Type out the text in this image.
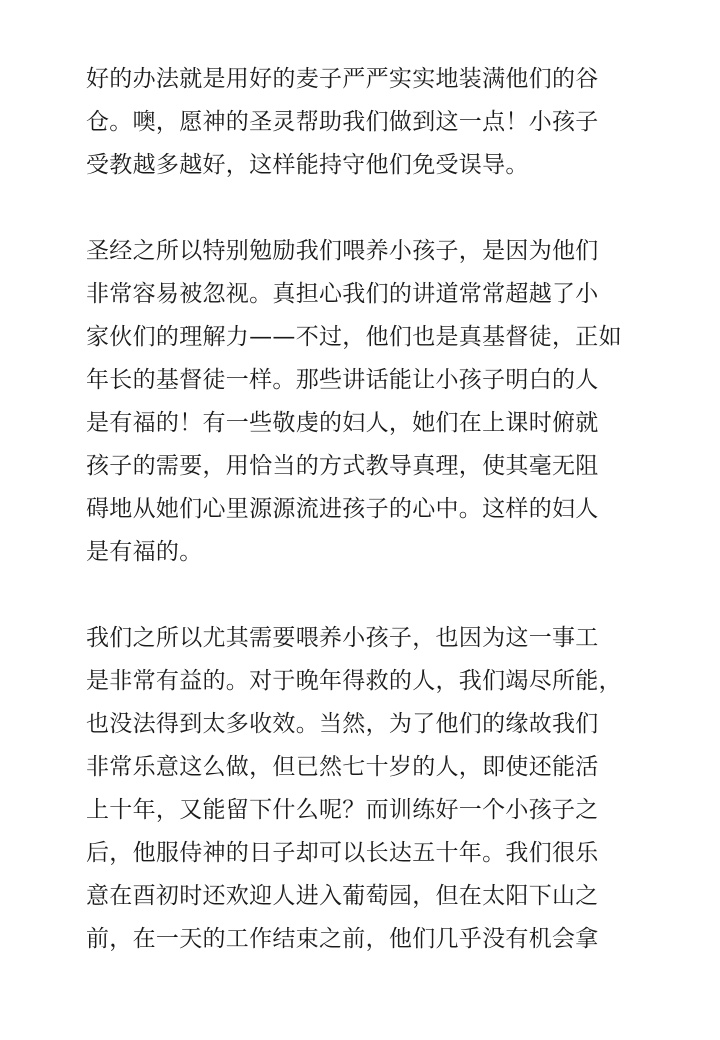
好的办法就是用好的麦子严严实实地装满他们的谷
仓。噢，愿神的圣灵帮助我们做到这一点！小孩子
受教越多越好，这样能持守他们免受误导。

圣经之所以特别勉励我们喂养小孩子，是因为他们
非常容易被忽视。真担心我们的讲道常常超越了小
家伙们的理解力——不过，他们也是真基督徒，正如
年长的基督徒一样。那些讲话能让小孩子明白的人
是有福的！有一些敬虔的妇人，她们在上课时俯就
孩子的需要，用恰当的方式教导真理，使其毫无阻
碍地从她们心里源源流进孩子的心中。这样的妇人
是有福的。

我们之所以尤其需要喂养小孩子，也因为这一事工
是非常有益的。对于晚年得救的人，我们竭尽所能，
也没法得到太多收效。当然，为了他们的缘故我们
非常乐意这么做，但已然七十岁的人，即使还能活
上十年，又能留下什么呢？而训练好一个小孩子之
后，他服侍神的日子却可以长达五十年。我们很乐
意在酉初时还欢迎人进入葡萄园，但在太阳下山之
前，在一天的工作结束之前，他们几乎没有机会拿
